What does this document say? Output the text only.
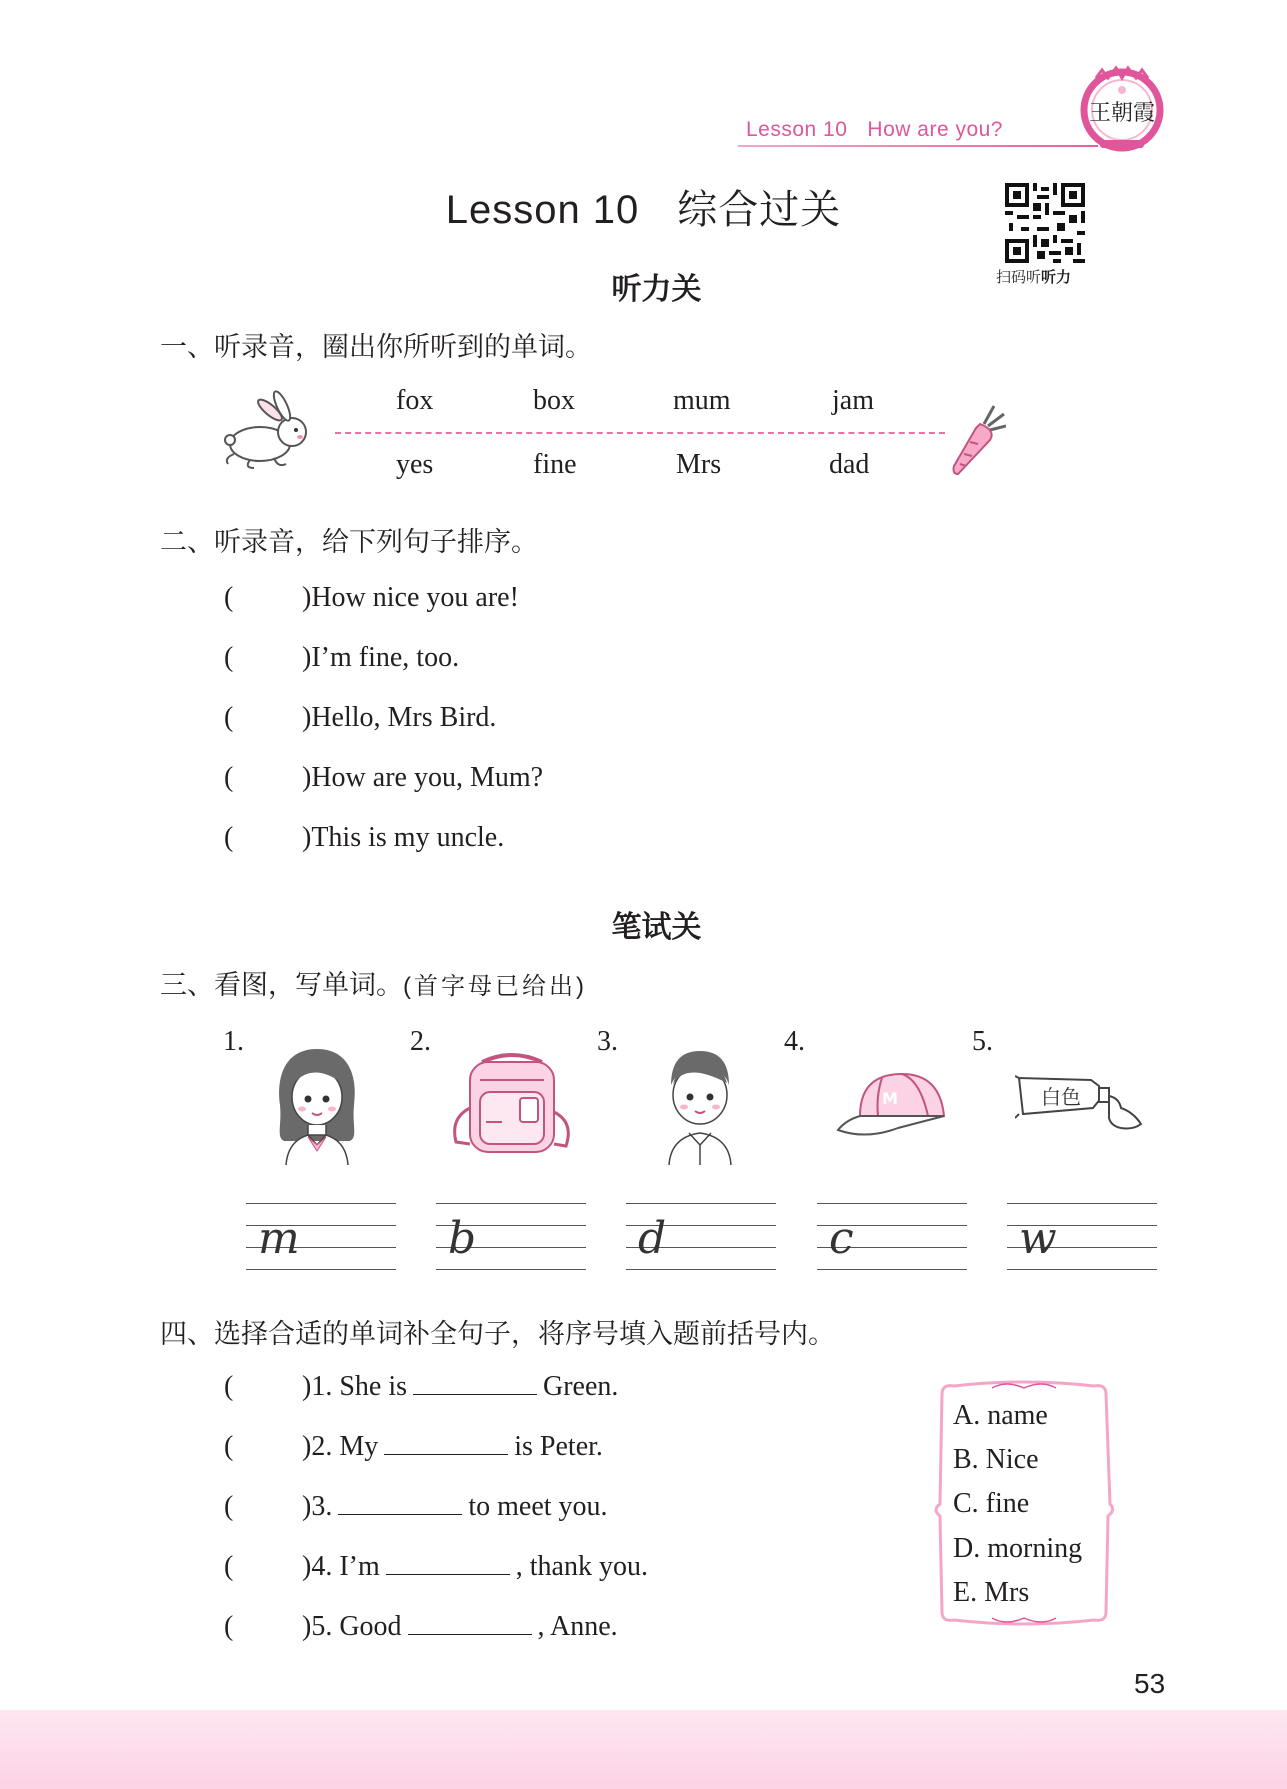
Lesson 10 How are you?
王朝霞
Lesson 10 综合过关
扫码听听力
听力关
一、听录音，圈出你所听到的单词。
fox	box	mum	jam
yes	fine	Mrs	dad
二、听录音，给下列句子排序。
( )How nice you are!
( )I’m fine, too.
( )Hello, Mrs Bird.
( )How are you, Mum?
( )This is my uncle.
笔试关
三、看图，写单词。(首字母已给出)
1.	2.	3.	4.	5.
M	白色
m	b	d	c	w
四、选择合适的单词补全句子，将序号填入题前括号内。
( )1. She is	Green.
( )2. My	is Peter.
( )3.	to meet you.
( )4. I’m	, thank you.
( )5. Good	, Anne.
A. name
B. Nice
C. fine
D. morning
E. Mrs
53
